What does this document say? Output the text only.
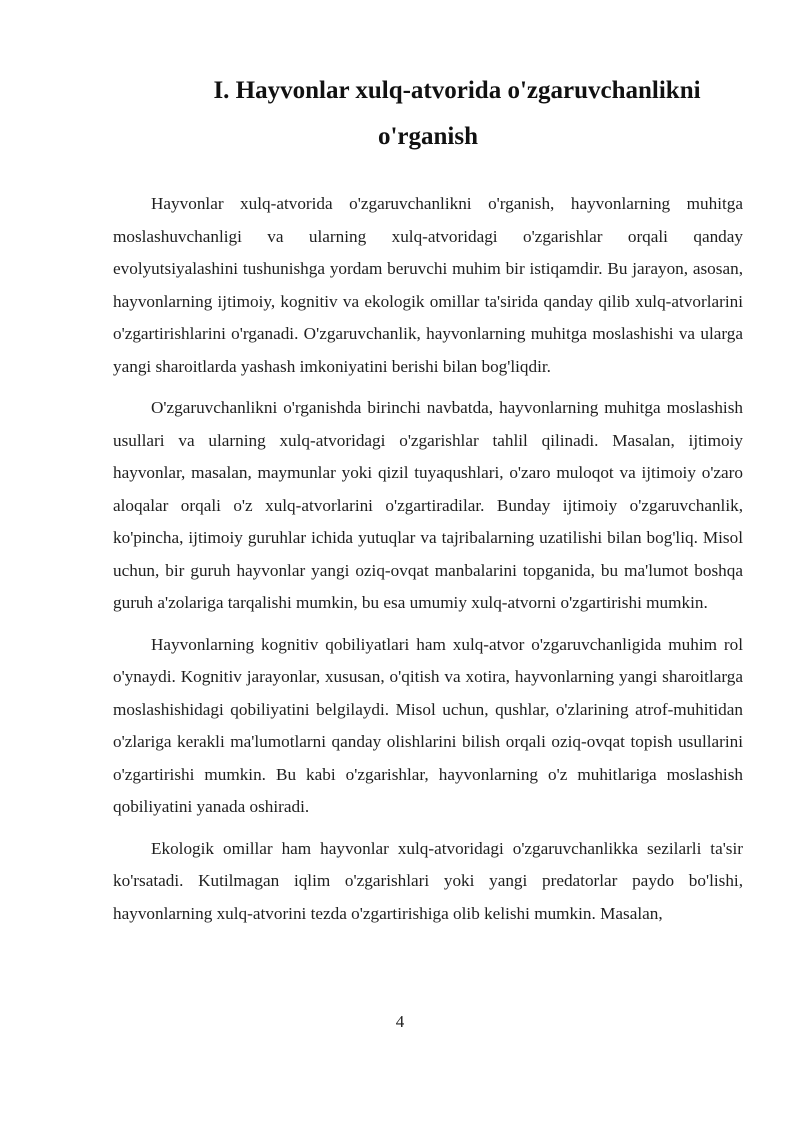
I. Hayvonlar xulq-atvorida o'zgaruvchanlikni
o'rganish

Hayvonlar xulq-atvorida o'zgaruvchanlikni o'rganish, hayvonlarning muhitga moslashuvchanligi va ularning xulq-atvoridagi o'zgarishlar orqali qanday evolyutsiyalashini tushunishga yordam beruvchi muhim bir istiqamdir. Bu jarayon, asosan, hayvonlarning ijtimoiy, kognitiv va ekologik omillar ta'sirida qanday qilib xulq-atvorlarini o'zgartirishlarini o'rganadi. O'zgaruvchanlik, hayvonlarning muhitga moslashishi va ularga yangi sharoitlarda yashash imkoniyatini berishi bilan bog'liqdir.

O'zgaruvchanlikni o'rganishda birinchi navbatda, hayvonlarning muhitga moslashish usullari va ularning xulq-atvoridagi o'zgarishlar tahlil qilinadi. Masalan, ijtimoiy hayvonlar, masalan, maymunlar yoki qizil tuyaqushlari, o'zaro muloqot va ijtimoiy o'zaro aloqalar orqali o'z xulq-atvorlarini o'zgartiradilar. Bunday ijtimoiy o'zgaruvchanlik, ko'pincha, ijtimoiy guruhlar ichida yutuqlar va tajribalarning uzatilishi bilan bog'liq. Misol uchun, bir guruh hayvonlar yangi oziq-ovqat manbalarini topganida, bu ma'lumot boshqa guruh a'zolariga tarqalishi mumkin, bu esa umumiy xulq-atvorni o'zgartirishi mumkin.

Hayvonlarning kognitiv qobiliyatlari ham xulq-atvor o'zgaruvchanligida muhim rol o'ynaydi. Kognitiv jarayonlar, xususan, o'qitish va xotira, hayvonlarning yangi sharoitlarga moslashishidagi qobiliyatini belgilaydi. Misol uchun, qushlar, o'zlarining atrof-muhitidan o'zlariga kerakli ma'lumotlarni qanday olishlarini bilish orqali oziq-ovqat topish usullarini o'zgartirishi mumkin. Bu kabi o'zgarishlar, hayvonlarning o'z muhitlariga moslashish qobiliyatini yanada oshiradi.

Ekologik omillar ham hayvonlar xulq-atvoridagi o'zgaruvchanlikka sezilarli ta'sir ko'rsatadi. Kutilmagan iqlim o'zgarishlari yoki yangi predatorlar paydo bo'lishi, hayvonlarning xulq-atvorini tezda o'zgartirishiga olib kelishi mumkin. Masalan,

4
